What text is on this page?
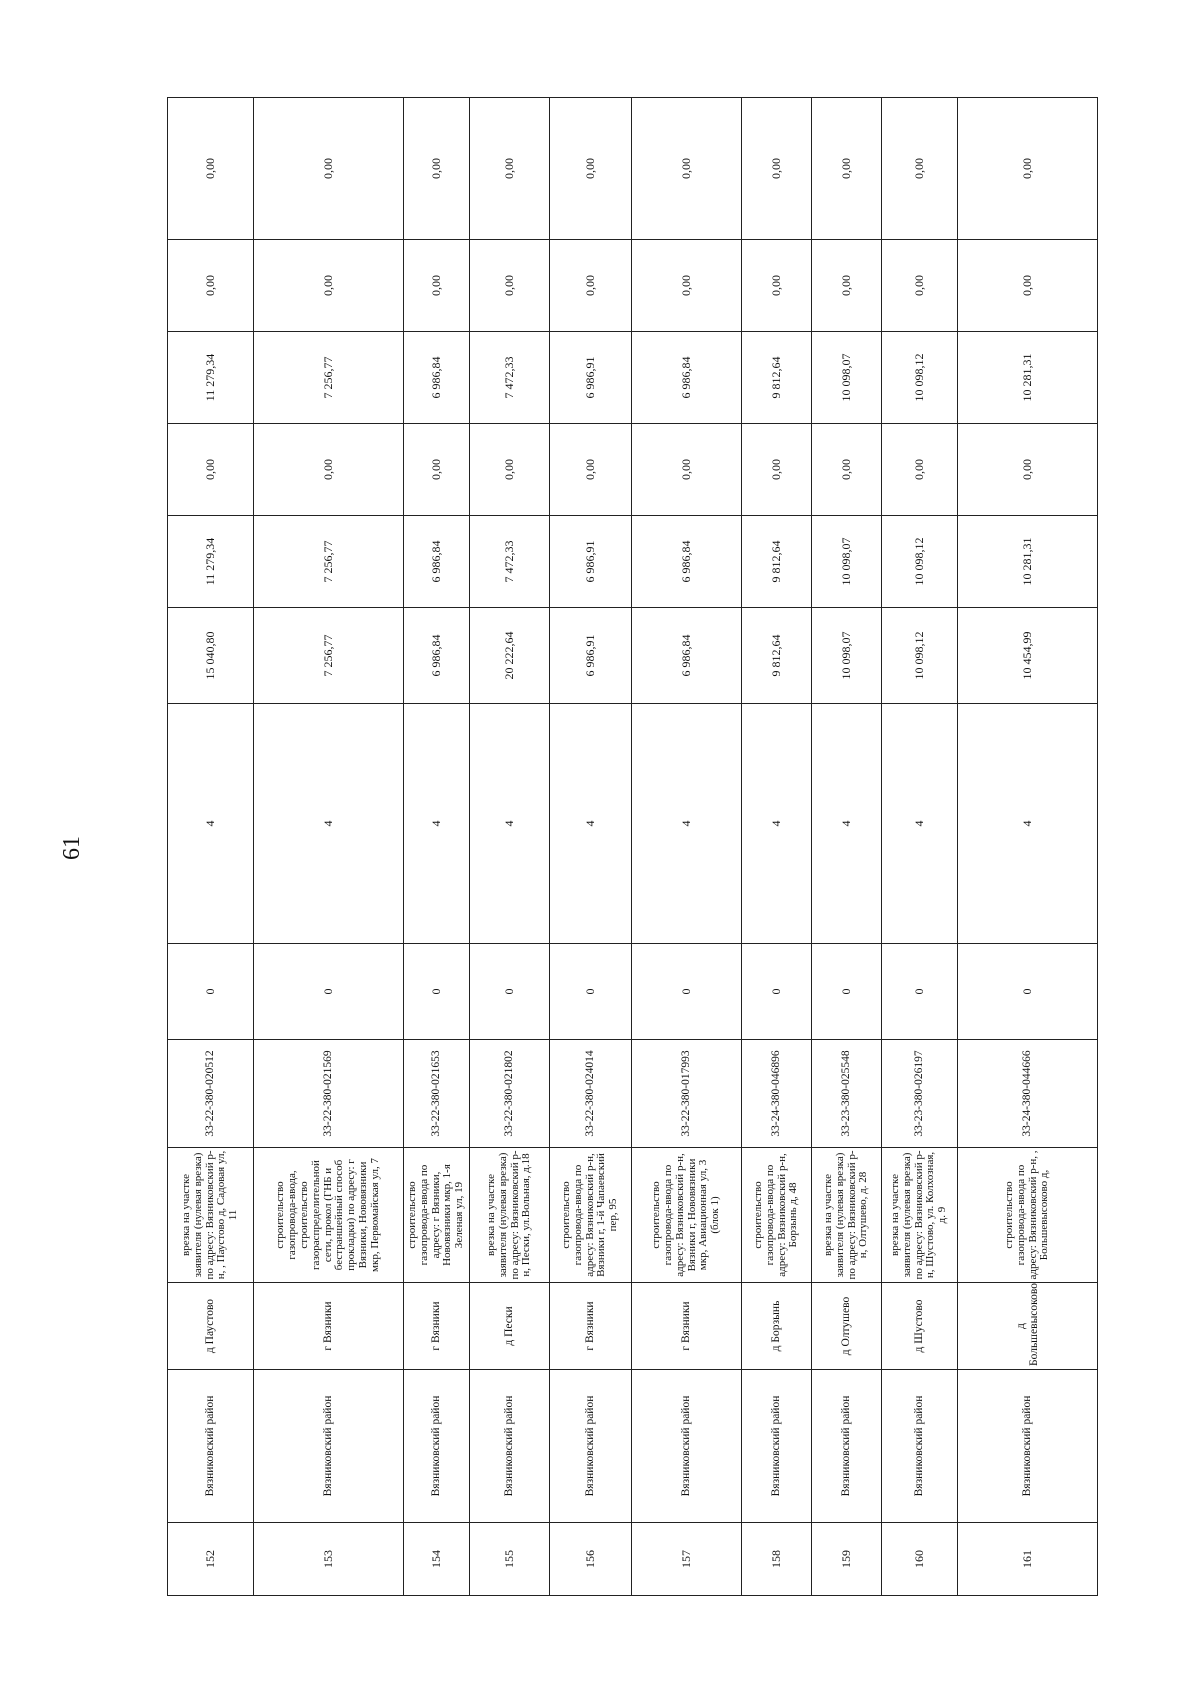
61
152	Вязниковский район	д Паустово	врезка на участке заявителя (нулевая врезка) по адресу: Вязниковский р-н, , Паустово д, Садовая ул, 11	33-22-380-020512	0	4	15 040,80	11 279,34	0,00	11 279,34	0,00	0,00
153	Вязниковский район	г Вязники	строительство газопровода-ввода, строительство газораспределительной сети, прокол (ГНБ и бестраншейный способ прокладки) по адресу: г Вязники, Нововязники мкр, Первомайская ул, 7	33-22-380-021569	0	4	7 256,77	7 256,77	0,00	7 256,77	0,00	0,00
154	Вязниковский район	г Вязники	строительство газопровода-ввода по адресу: г Вязники, Нововязники мкр, 1-я Зеленая ул, 19	33-22-380-021653	0	4	6 986,84	6 986,84	0,00	6 986,84	0,00	0,00
155	Вязниковский район	д Пески	врезка на участке заявителя (нулевая врезка) по адресу: Вязниковский р-н, Пески, ул.Вольная, д.18	33-22-380-021802	0	4	20 222,64	7 472,33	0,00	7 472,33	0,00	0,00
156	Вязниковский район	г Вязники	строительство газопровода-ввода по адресу: Вязниковский р-н, Вязники г, 1-й Чапаевский пер, 95	33-22-380-024014	0	4	6 986,91	6 986,91	0,00	6 986,91	0,00	0,00
157	Вязниковский район	г Вязники	строительство газопровода-ввода по адресу: Вязниковский р-н, Вязники г, Нововязники мкр, Авиационная ул, 3 (блок 1)	33-22-380-017993	0	4	6 986,84	6 986,84	0,00	6 986,84	0,00	0,00
158	Вязниковский район	д Борзынь	строительство газопровода-ввода по адресу: Вязниковский р-н, Борзынь д, 48	33-24-380-046896	0	4	9 812,64	9 812,64	0,00	9 812,64	0,00	0,00
159	Вязниковский район	д Олтушево	врезка на участке заявителя (нулевая врезка) по адресу: Вязниковский р-н, Олтушево, д. 28	33-23-380-025548	0	4	10 098,07	10 098,07	0,00	10 098,07	0,00	0,00
160	Вязниковский район	д Шустово	врезка на участке заявителя (нулевая врезка) по адресу: Вязниковский р-н, Шустово, ул. Колхозная, д. 9	33-23-380-026197	0	4	10 098,12	10 098,12	0,00	10 098,12	0,00	0,00
161	Вязниковский район	д Большевысоково	строительство газопровода-ввода по адресу: Вязниковский р-н, , Большевысоково д,	33-24-380-044666	0	4	10 454,99	10 281,31	0,00	10 281,31	0,00	0,00
